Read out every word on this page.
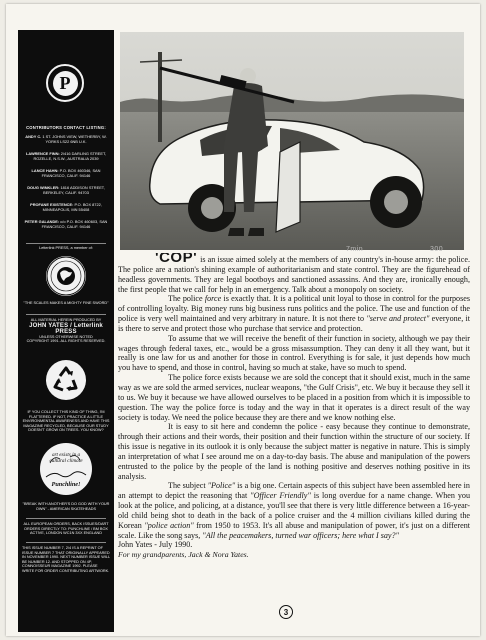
P
CONTRIBUTORS CONTACT LISTING:
ANDY C. 1 ST. JOHNS VIEW, WETHERBY, W. YORKS LS22 6NB U.K.
LAWRENCE FINN: 2/416 DARLING STREET, ROZELLE, N.S.W., AUSTRALIA 2039
LANCE HAHN: P.O. BOX 460346, SAN FRANCISCO, CALIF. 94146
DOUG WINKLER: 1816 ADDISON STREET, BERKELEY, CALIF. 94703
PROFANE EXISTENCE: P.O. BOX 8722, MINNEAPOLIS, MN 55408
PETER GALANDE: c/o P.O. BOX 460603, SAN FRANCISCO, CALIF. 94146
Letterlink PRESS, a member of:
"THE SCALES MAKES A MIGHTY FINE SWORD"
ALL MATERIAL HEREIN PRODUCED BY
JOHN YATES / Letterlink PRESS
UNLESS OTHERWISE NOTED
COPYRIGHT 1991. ALL RIGHTS RESERVED.
IF YOU COLLECT THIS KIND OF THING, I'M FLATTERED. IF NOT, PRACTICE A LITTLE ENVIRONMENTAL AWARENESS AND HAVE THIS MAGAZINE RECYCLED, BECAUSE OUR STUDY DOESN'T GROW ON TREES. YOU KNOW?
art exists in a cultural climate
Punchline!
"BREAK WITH ANOTHER'S DO GOD WITH YOUR OWN" - AMERICAN SKATEHEADS
ALL EUROPEAN ORDERS, BACK ISSUES/DART ORDERS DIRECTLY TO: PUNCHLINE / BM BOX ACTIVE, LONDON WC1N 3XX ENGLAND
THIS ISSUE NUMBER 7, 2/4 IS A REPRINT OF ISSUE NUMBER 7 THAT ORIGINALLY APPEARED IN NOVEMBER 1990. NEXT NUMBER ISSUE WILL BE NUMBER 12. AND STOPPED ON 4P, CONNOISSEUR MAGAZINE 1992. PLEASE WRITE FOR ORDER CONTRIBUTING ARTWORK.
7min	300

'COP' is an issue aimed solely at the members of any country's in-house army: the police. The police are a nation's shining example of authoritarianism and state control. They are the figurehead of headless governments. They are legal bootboys and sanctioned assassins. And they are, ironically enough, the first people that we call for help in an emergency. Talk about a monopoly on society.

The police force is exactly that. It is a political unit loyal to those in control for the purposes of controlling loyalty. Big money runs big business runs politics and the police. The use and function of the police is very well maintained and very arbitrary in nature. It is not there to "serve and protect" everyone, it is there to serve and protect those who purchase that service and protection.

To assume that we will receive the benefit of their function in society, although we pay their wages through federal taxes, etc., would be a gross misassumption. They can deny it all they want, but it really is one law for us and another for those in control. Everything is for sale, it just depends how much you have to spend, and those in control, having so much at stake, have so much to spend.

The police force exists because we are sold the concept that it should exist, much in the same way as we are sold the armed services, nuclear weapons, "the Gulf Crisis", etc. We buy it because they sell it to us. We buy it because we have allowed ourselves to be placed in a position from which it is impossible to question. The way the police force is today and the way in that it operates is a direct result of the way society is today. We need the police because they are there and we know nothing else.

It is easy to sit here and condemn the police - easy because they continue to demonstrate, through their actions and their words, their position and their function within the structure of our society. If this issue is negative in its outlook it is only because the subject matter is negative in nature. This is simply an interpretation of what I see around me on a day-to-day basis. The abuse and manipulation of the powers entrusted to the police by the people of the land is nothing positive and deserves nothing positive in its analysis.

The subject "Police" is a big one. Certain aspects of this subject have been assembled here in an attempt to depict the reasoning that "Officer Friendly" is long overdue for a name change. When you look at the police, and policing, at a distance, you'll see that there is very little difference between a 16-year-old child being shot to death in the back of a police cruiser and the 4 million civilians killed during the Korean "police action" from 1950 to 1953. It's all abuse and manipulation of power, it's just on a different scale. Like the song says, "All the peacemakers, turned war officers; here what I say?"

John Yates - July 1990.

For my grandparents, Jack & Nora Yates.

3
